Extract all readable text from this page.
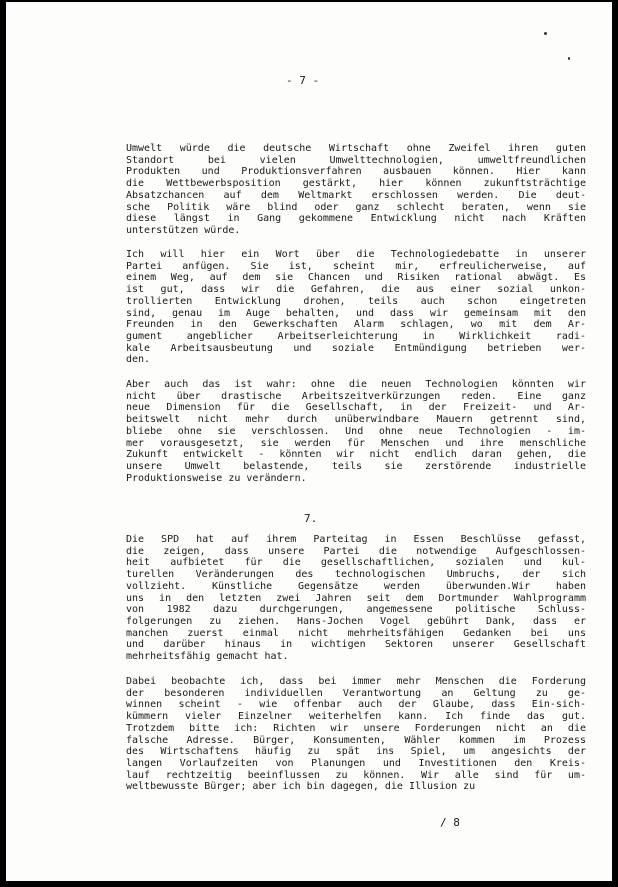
- 7 -
Umwelt würde die deutsche Wirtschaft ohne Zweifel ihren guten
Standort bei vielen Umwelttechnologien, umweltfreundlichen
Produkten und Produktionsverfahren ausbauen können. Hier kann
die Wettbewerbsposition gestärkt, hier können zukunftsträchtige
Absatzchancen auf dem Weltmarkt erschlossen werden. Die deut-
sche Politik wäre blind oder ganz schlecht beraten, wenn sie
diese längst in Gang gekommene Entwicklung nicht nach Kräften
unterstützen würde.
Ich will hier ein Wort über die Technologiedebatte in unserer
Partei anfügen. Sie ist, scheint mir, erfreulicherweise, auf
einem Weg, auf dem sie Chancen und Risiken rational abwägt. Es
ist gut, dass wir die Gefahren, die aus einer sozial unkon-
trollierten Entwicklung drohen, teils auch schon eingetreten
sind, genau im Auge behalten, und dass wir gemeinsam mit den
Freunden in den Gewerkschaften Alarm schlagen, wo mit dem Ar-
gument angeblicher Arbeitserleichterung in Wirklichkeit radi-
kale Arbeitsausbeutung und soziale Entmündigung betrieben wer-
den.
Aber auch das ist wahr: ohne die neuen Technologien könnten wir
nicht über drastische Arbeitszeitverkürzungen reden. Eine ganz
neue Dimension für die Gesellschaft, in der Freizeit- und Ar-
beitswelt nicht mehr durch unüberwindbare Mauern getrennt sind,
bliebe ohne sie verschlossen. Und ohne neue Technologien - im-
mer vorausgesetzt, sie werden für Menschen und ihre menschliche
Zukunft entwickelt - könnten wir nicht endlich daran gehen, die
unsere Umwelt belastende, teils sie zerstörende industrielle
Produktionsweise zu verändern.
7.
Die SPD hat auf ihrem Parteitag in Essen Beschlüsse gefasst,
die zeigen, dass unsere Partei die notwendige Aufgeschlossen-
heit aufbietet für die gesellschaftlichen, sozialen und kul-
turellen Veränderungen des technologischen Umbruchs, der sich
vollzieht. Künstliche Gegensätze werden überwunden.Wir haben
uns in den letzten zwei Jahren seit dem Dortmunder Wahlprogramm
von 1982 dazu durchgerungen, angemessene politische Schluss-
folgerungen zu ziehen. Hans-Jochen Vogel gebührt Dank, dass er
manchen zuerst einmal nicht mehrheitsfähigen Gedanken bei uns
und darüber hinaus in wichtigen Sektoren unserer Gesellschaft
mehrheitsfähig gemacht hat.
Dabei beobachte ich, dass bei immer mehr Menschen die Forderung
der besonderen individuellen Verantwortung an Geltung zu ge-
winnen scheint - wie offenbar auch der Glaube, dass Ein-sich-
kümmern vieler Einzelner weiterhelfen kann. Ich finde das gut.
Trotzdem bitte ich: Richten wir unsere Forderungen nicht an die
falsche Adresse. Bürger, Konsumenten, Wähler kommen im Prozess
des Wirtschaftens häufig zu spät ins Spiel, um angesichts der
langen Vorlaufzeiten von Planungen und Investitionen den Kreis-
lauf rechtzeitig beeinflussen zu können. Wir alle sind für um-
weltbewusste Bürger; aber ich bin dagegen, die Illusion zu
/ 8
